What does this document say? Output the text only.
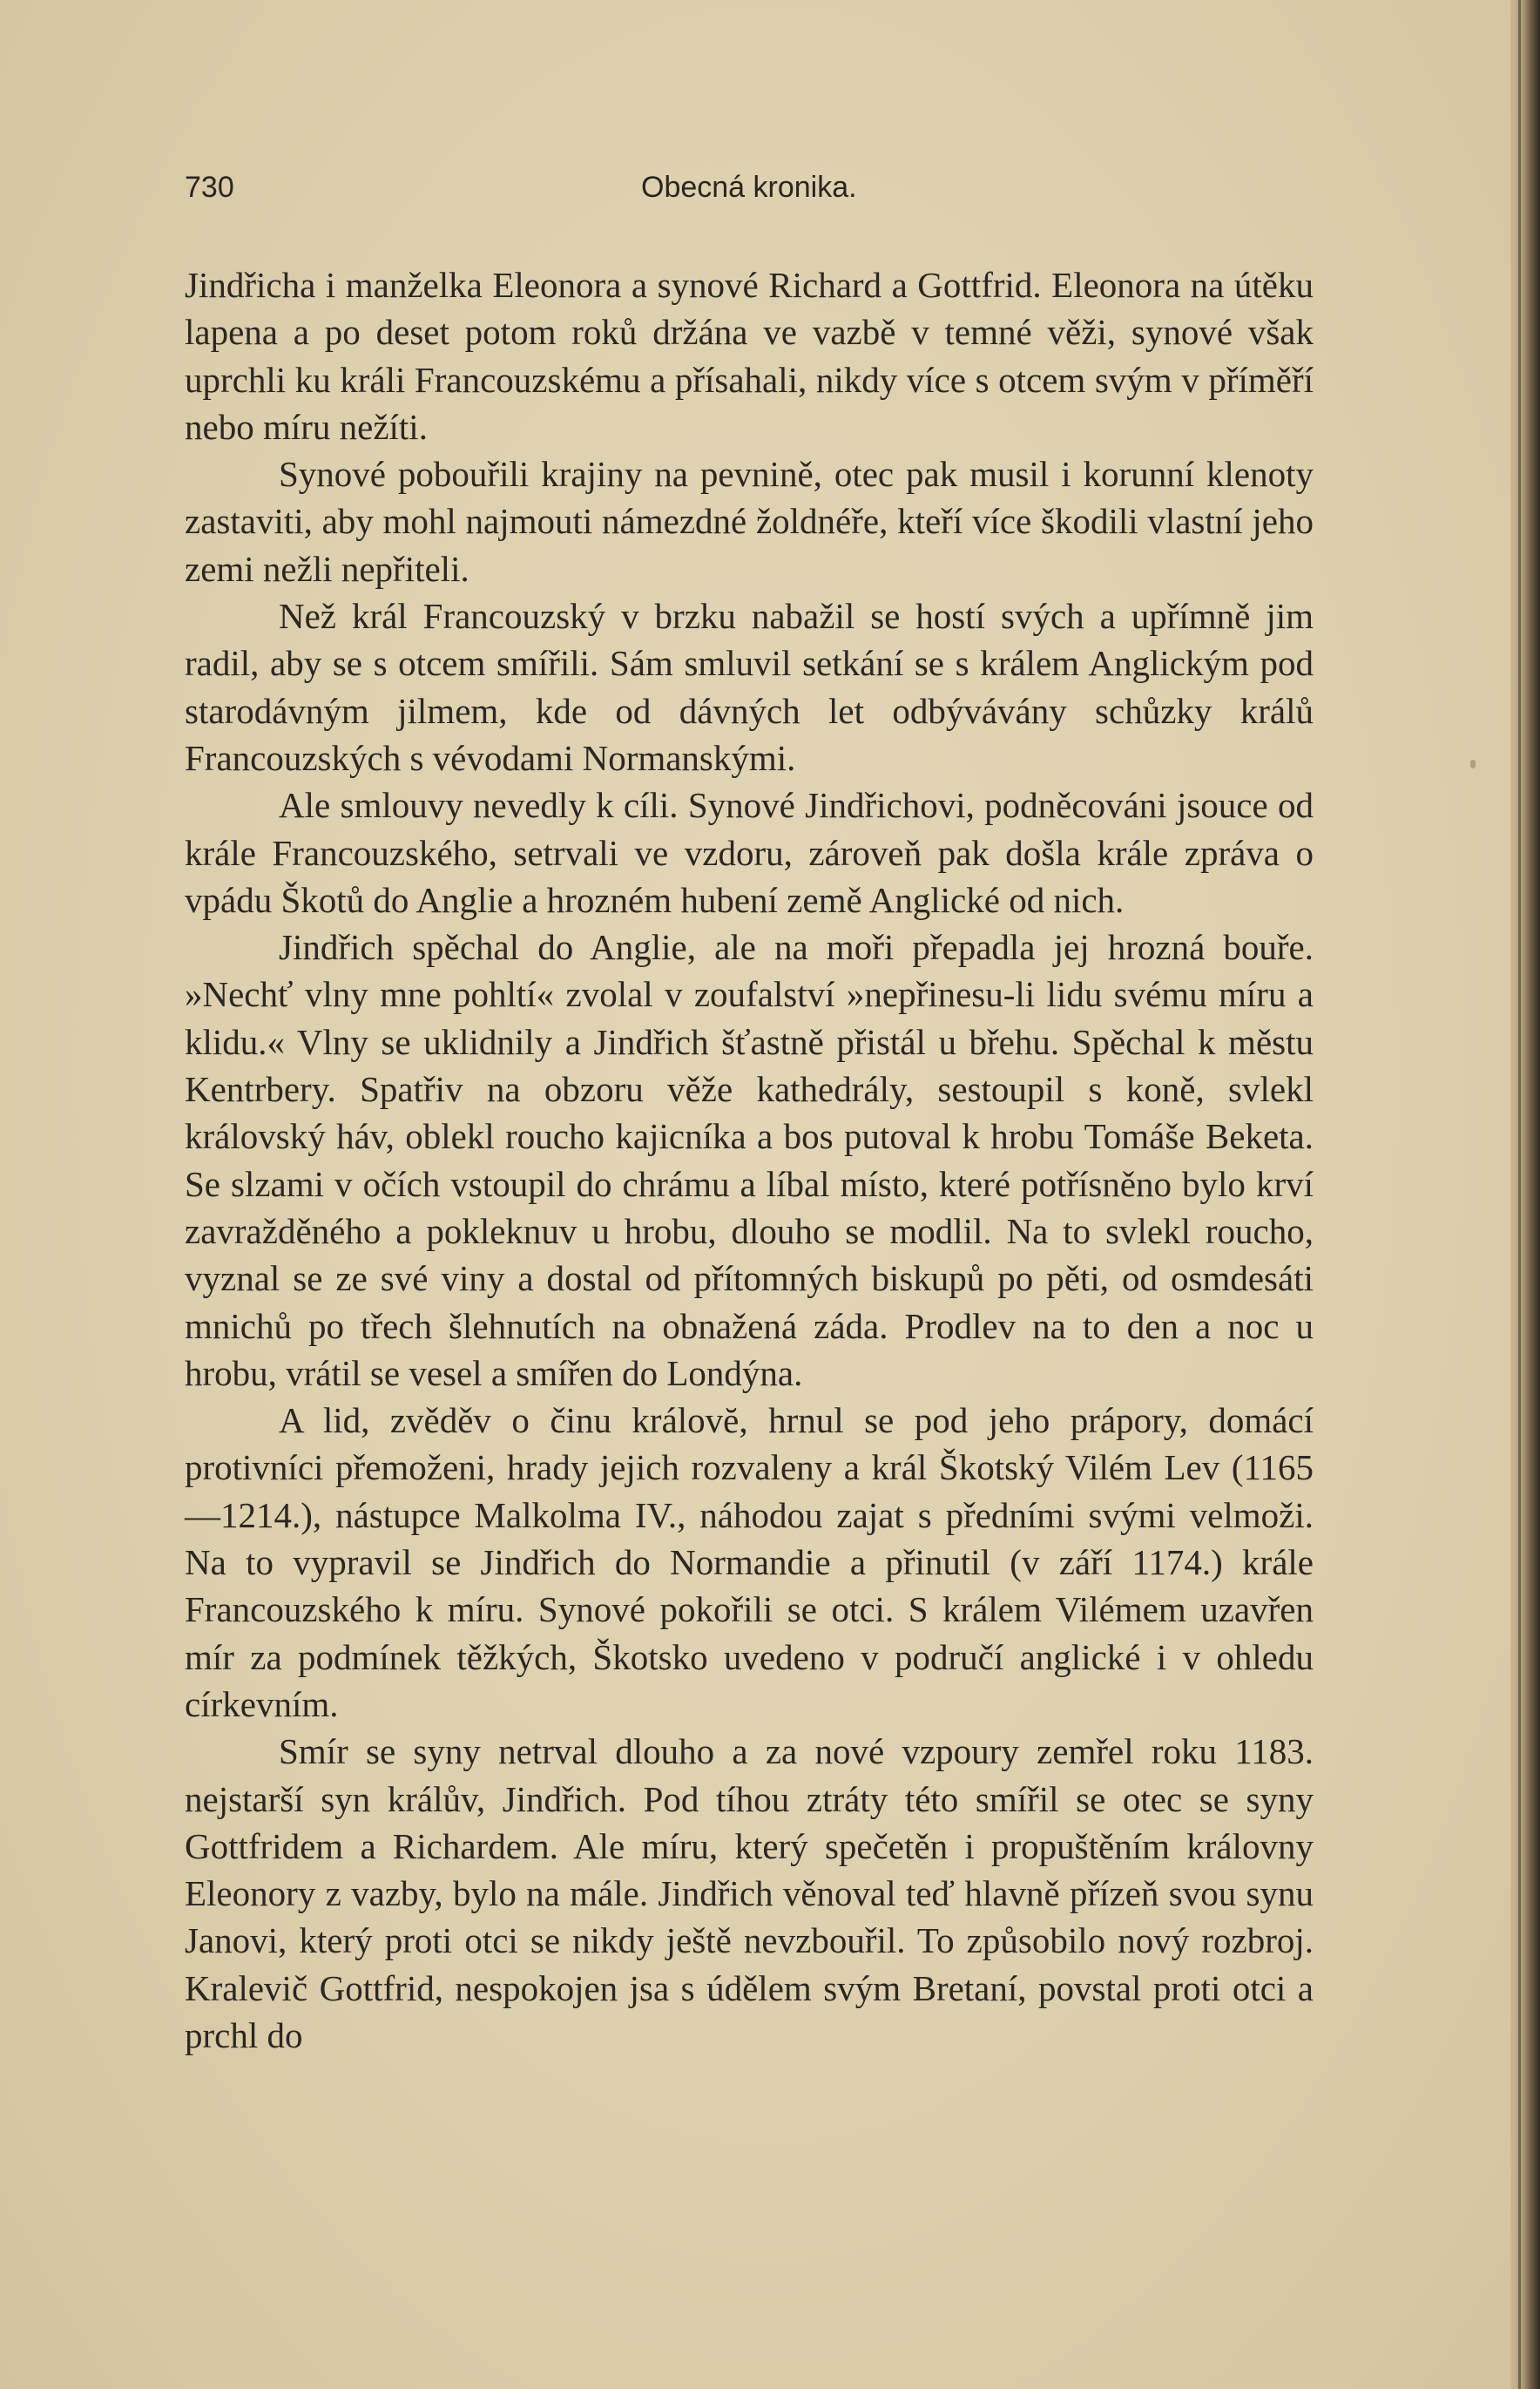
730	Obecná kronika.

Jindřicha i manželka Eleonora a synové Richard a Gottfrid. Eleonora na útěku lapena a po deset potom roků držána ve vazbě v temné věži, synové však uprchli ku králi Francouzskému a přísahali, nikdy více s otcem svým v příměří nebo míru nežíti.

Synové pobouřili krajiny na pevnině, otec pak musil i korunní klenoty zastaviti, aby mohl najmouti námezdné žoldnéře, kteří více škodili vlastní jeho zemi nežli nepřiteli.

Než král Francouzský v brzku nabažil se hostí svých a upřímně jim radil, aby se s otcem smířili. Sám smluvil setkání se s králem Anglickým pod starodávným jilmem, kde od dávných let odbývávány schůzky králů Francouzských s vévodami Normanskými.

Ale smlouvy nevedly k cíli. Synové Jindřichovi, podněcováni jsouce od krále Francouzského, setrvali ve vzdoru, zároveň pak došla krále zpráva o vpádu Škotů do Anglie a hrozném hubení země Anglické od nich.

Jindřich spěchal do Anglie, ale na moři přepadla jej hrozná bouře. »Nechť vlny mne pohltí« zvolal v zoufalství »nepřinesu-li lidu svému míru a klidu.« Vlny se uklidnily a Jindřich šťastně přistál u břehu. Spěchal k městu Kentrbery. Spatřiv na obzoru věže kathedrály, sestoupil s koně, svlekl královský háv, oblekl roucho kajicníka a bos putoval k hrobu Tomáše Beketa. Se slzami v očích vstoupil do chrámu a líbal místo, které potřísněno bylo krví zavražděného a pokleknuv u hrobu, dlouho se modlil. Na to svlekl roucho, vyznal se ze své viny a dostal od přítomných biskupů po pěti, od osmdesáti mnichů po třech šlehnutích na obnažená záda. Prodlev na to den a noc u hrobu, vrátil se vesel a smířen do Londýna.

A lid, zvěděv o činu královĕ, hrnul se pod jeho prápory, domácí protivníci přemoženi, hrady jejich rozvaleny a král Škotský Vilém Lev (1165—1214.), nástupce Malkolma IV., náhodou zajat s předními svými velmoži. Na to vypravil se Jindřich do Normandie a přinutil (v září 1174.) krále Francouzského k míru. Synové pokořili se otci. S králem Vilémem uzavřen mír za podmínek těžkých, Škotsko uvedeno v područí anglické i v ohledu církevním.

Smír se syny netrval dlouho a za nové vzpoury zemřel roku 1183. nejstarší syn králův, Jindřich. Pod tíhou ztráty této smířil se otec se syny Gottfridem a Richardem. Ale míru, který spečetěn i propuštěním královny Eleonory z vazby, bylo na mále. Jindřich věnoval teď hlavně přízeň svou synu Janovi, který proti otci se nikdy ještě nevzbouřil. To způsobilo nový rozbroj. Kralevič Gottfrid, nespokojen jsa s údělem svým Bretaní, povstal proti otci a prchl do
